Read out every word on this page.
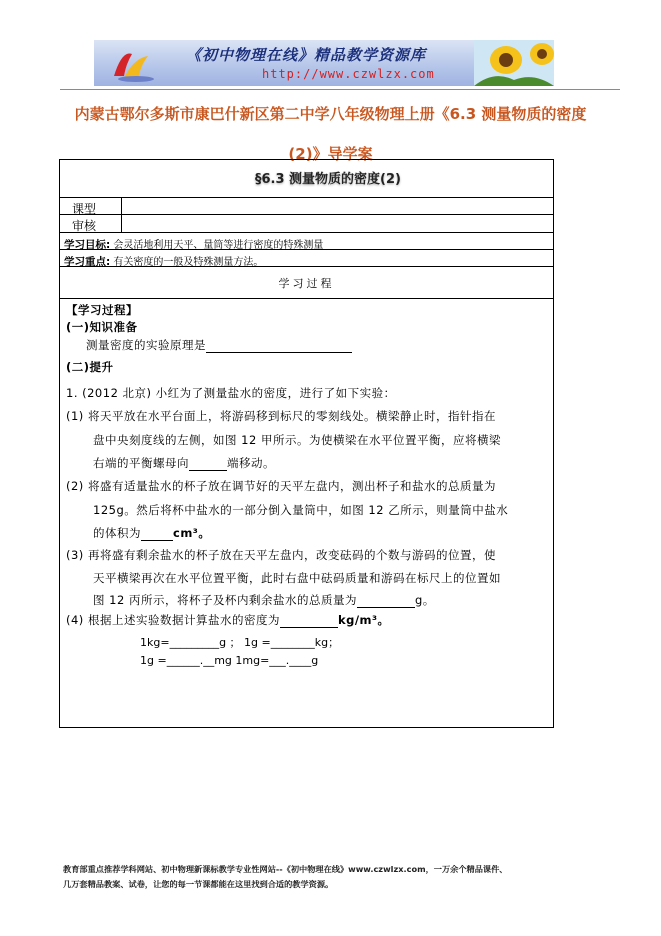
《初中物理在线》精品教学资源库
http://www.czwlzx.com
内蒙古鄂尔多斯市康巴什新区第二中学八年级物理上册《6.3 测量物质的密度
(2)》导学案
§6.3 测量物质的密度(2)
课型
审核
学习目标: 会灵活地利用天平、量筒等进行密度的特殊测量
学习重点: 有关密度的一般及特殊测量方法。
学习过程
【学习过程】
(一)知识准备
测量密度的实验原理是
(二)提升
1. (2012 北京) 小红为了测量盐水的密度，进行了如下实验：
(1) 将天平放在水平台面上，将游码移到标尺的零刻线处。横梁静止时，指针指在
盘中央刻度线的左侧，如图 12 甲所示。为使横梁在水平位置平衡，应将横梁
右端的平衡螺母向	端移动。
(2) 将盛有适量盐水的杯子放在调节好的天平左盘内，测出杯子和盐水的总质量为
125g。然后将杯中盐水的一部分倒入量筒中，如图 12 乙所示，则量筒中盐水
的体积为	cm³。
(3) 再将盛有剩余盐水的杯子放在天平左盘内，改变砝码的个数与游码的位置，使
天平横梁再次在水平位置平衡，此时右盘中砝码质量和游码在标尺上的位置如
图 12 丙所示，将杯子及杯内剩余盐水的总质量为	g。
(4) 根据上述实验数据计算盐水的密度为	kg/m³。
1kg=_________g ； 1g =________kg；
1g =______.__mg 1mg=___.____g
教育部重点推荐学科网站、初中物理新课标教学专业性网站--《初中物理在线》www.czwlzx.com，一万余个精品课件、
几万套精品教案、试卷，让您的每一节课都能在这里找到合适的教学资源。
